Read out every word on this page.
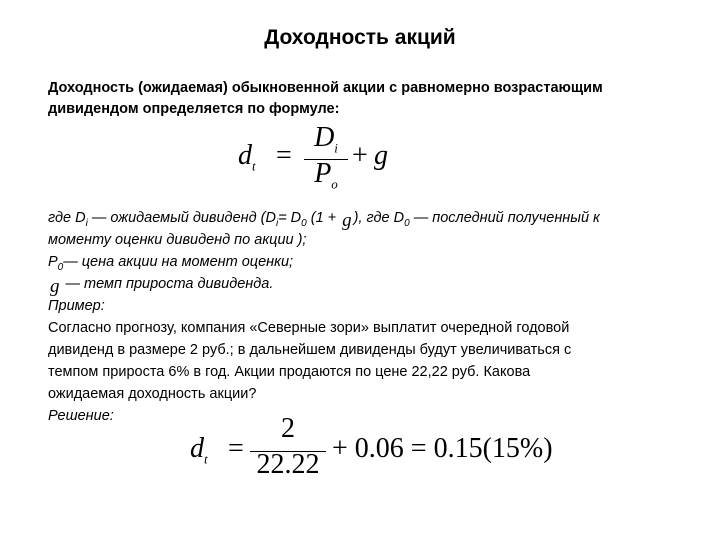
Доходность акций
Доходность (ожидаемая) обыкновенной акции с равномерно возрастающим
дивидендом определяется по формуле:
$d_t$ =
$D_i$
$P_o$
+ g
где $D_i$ — ожидаемый дивиденд ($D_i= D_0$ (1 + g ), где $D_0$ — последний полученный к
моменту оценки дивиденд по акции );
$P_0—$ цена акции на момент оценки;
g — темп прироста дивиденда.
Пример:
Согласно прогнозу, компания «Северные зори» выплатит очередной годовой
дивиденд в размере 2 руб.; в дальнейшем дивиденды будут увеличиваться с
темпом прироста 6% в год. Акции продаются по цене 22,22 руб. Какова
ожидаемая доходность акции?
Решение:
$d_t$ =
2
22.22
+ 0.06 = 0.15(15%)
